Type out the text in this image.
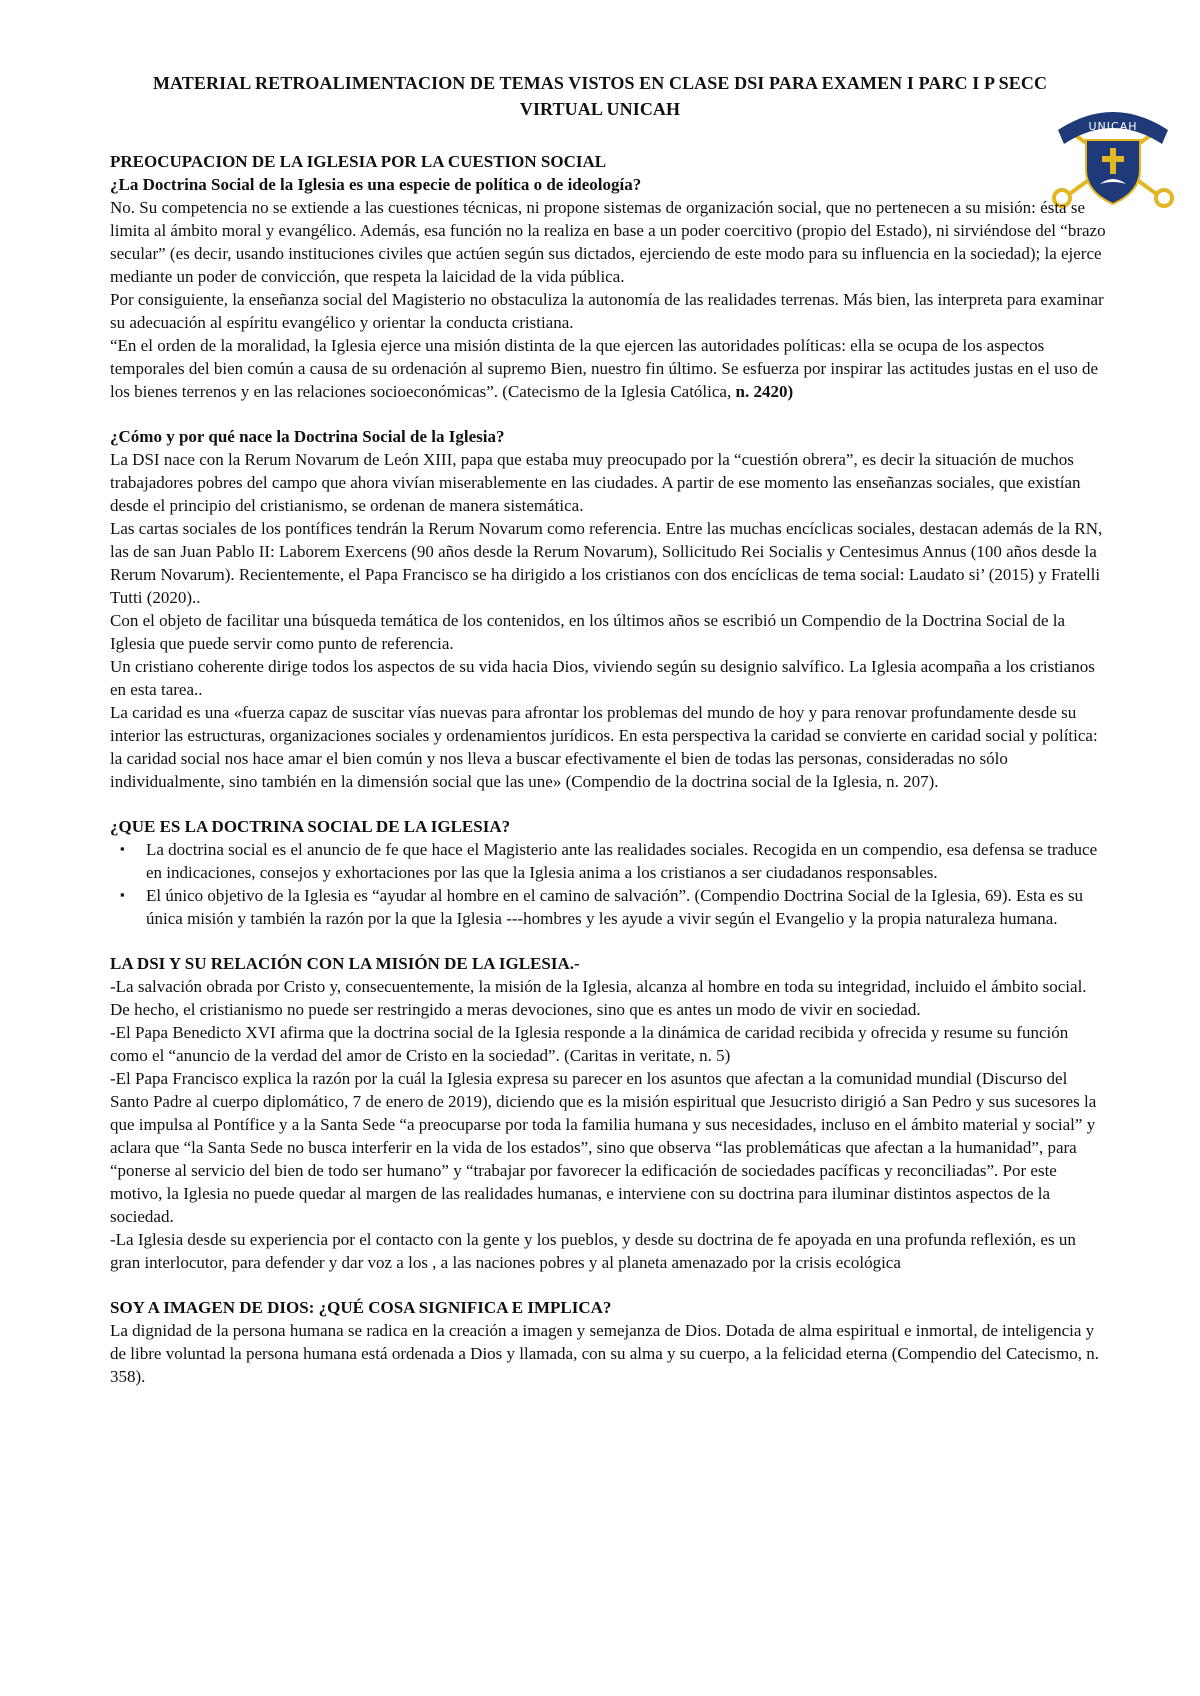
MATERIAL RETROALIMENTACION DE TEMAS VISTOS EN CLASE DSI PARA EXAMEN I PARC I P SECC
VIRTUAL UNICAH
UNICAH

PREOCUPACION DE LA IGLESIA POR LA CUESTION SOCIAL

¿La Doctrina Social de la Iglesia es una especie de política o de ideología?

No. Su competencia no se extiende a las cuestiones técnicas, ni propone sistemas de organización social, que no pertenecen a su misión: ésta se limita al ámbito moral y evangélico. Además, esa función no la realiza en base a un poder coercitivo (propio del Estado), ni sirviéndose del “brazo secular” (es decir, usando instituciones civiles que actúen según sus dictados, ejerciendo de este modo para su influencia en la sociedad); la ejerce mediante un poder de convicción, que respeta la laicidad de la vida pública.

Por consiguiente, la enseñanza social del Magisterio no obstaculiza la autonomía de las realidades terrenas. Más bien, las interpreta para examinar su adecuación al espíritu evangélico y orientar la conducta cristiana.

“En el orden de la moralidad, la Iglesia ejerce una misión distinta de la que ejercen las autoridades políticas: ella se ocupa de los aspectos temporales del bien común a causa de su ordenación al supremo Bien, nuestro fin último. Se esfuerza por inspirar las actitudes justas en el uso de los bienes terrenos y en las relaciones socioeconómicas”. (Catecismo de la Iglesia Católica, n. 2420)

¿Cómo y por qué nace la Doctrina Social de la Iglesia?

La DSI nace con la Rerum Novarum de León XIII, papa que estaba muy preocupado por la “cuestión obrera”, es decir la situación de muchos trabajadores pobres del campo que ahora vivían miserablemente en las ciudades. A partir de ese momento las enseñanzas sociales, que existían desde el principio del cristianismo, se ordenan de manera sistemática.

Las cartas sociales de los pontífices tendrán la Rerum Novarum como referencia. Entre las muchas encíclicas sociales, destacan además de la RN, las de san Juan Pablo II: Laborem Exercens (90 años desde la Rerum Novarum), Sollicitudo Rei Socialis y Centesimus Annus (100 años desde la Rerum Novarum). Recientemente, el Papa Francisco se ha dirigido a los cristianos con dos encíclicas de tema social: Laudato si’ (2015) y Fratelli Tutti (2020)..

Con el objeto de facilitar una búsqueda temática de los contenidos, en los últimos años se escribió un Compendio de la Doctrina Social de la Iglesia que puede servir como punto de referencia.

Un cristiano coherente dirige todos los aspectos de su vida hacia Dios, viviendo según su designio salvífico. La Iglesia acompaña a los cristianos en esta tarea..

La caridad es una «fuerza capaz de suscitar vías nuevas para afrontar los problemas del mundo de hoy y para renovar profundamente desde su interior las estructuras, organizaciones sociales y ordenamientos jurídicos. En esta perspectiva la caridad se convierte en caridad social y política: la caridad social nos hace amar el bien común y nos lleva a buscar efectivamente el bien de todas las personas, consideradas no sólo individualmente, sino también en la dimensión social que las une» (Compendio de la doctrina social de la Iglesia, n. 207).

¿QUE ES LA DOCTRINA SOCIAL DE LA IGLESIA?

▪ La doctrina social es el anuncio de fe que hace el Magisterio ante las realidades sociales. Recogida en un compendio, esa defensa se traduce en indicaciones, consejos y exhortaciones por las que la Iglesia anima a los cristianos a ser ciudadanos responsables.
▪ El único objetivo de la Iglesia es “ayudar al hombre en el camino de salvación”. (Compendio Doctrina Social de la Iglesia, 69). Esta es su única misión y también la razón por la que la Iglesia ---hombres y les ayude a vivir según el Evangelio y la propia naturaleza humana.

LA DSI Y SU RELACIÓN CON LA MISIÓN DE LA IGLESIA.-

-La salvación obrada por Cristo y, consecuentemente, la misión de la Iglesia, alcanza al hombre en toda su integridad, incluido el ámbito social. De hecho, el cristianismo no puede ser restringido a meras devociones, sino que es antes un modo de vivir en sociedad.

-El Papa Benedicto XVI afirma que la doctrina social de la Iglesia responde a la dinámica de caridad recibida y ofrecida y resume su función como el “anuncio de la verdad del amor de Cristo en la sociedad”. (Caritas in veritate, n. 5)

-El Papa Francisco explica la razón por la cuál la Iglesia expresa su parecer en los asuntos que afectan a la comunidad mundial (Discurso del Santo Padre al cuerpo diplomático, 7 de enero de 2019), diciendo que es la misión espiritual que Jesucristo dirigió a San Pedro y sus sucesores la que impulsa al Pontífice y a la Santa Sede “a preocuparse por toda la familia humana y sus necesidades, incluso en el ámbito material y social” y aclara que “la Santa Sede no busca interferir en la vida de los estados”, sino que observa “las problemáticas que afectan a la humanidad”, para “ponerse al servicio del bien de todo ser humano” y “trabajar por favorecer la edificación de sociedades pacíficas y reconciliadas”. Por este motivo, la Iglesia no puede quedar al margen de las realidades humanas, e interviene con su doctrina para iluminar distintos aspectos de la sociedad.

-La Iglesia desde su experiencia por el contacto con la gente y los pueblos, y desde su doctrina de fe apoyada en una profunda reflexión, es un gran interlocutor, para defender y dar voz a los , a las naciones pobres y al planeta amenazado por la crisis ecológica

SOY A IMAGEN DE DIOS: ¿QUÉ COSA SIGNIFICA E IMPLICA?

La dignidad de la persona humana se radica en la creación a imagen y semejanza de Dios. Dotada de alma espiritual e inmortal, de inteligencia y de libre voluntad la persona humana está ordenada a Dios y llamada, con su alma y su cuerpo, a la felicidad eterna (Compendio del Catecismo, n. 358).
